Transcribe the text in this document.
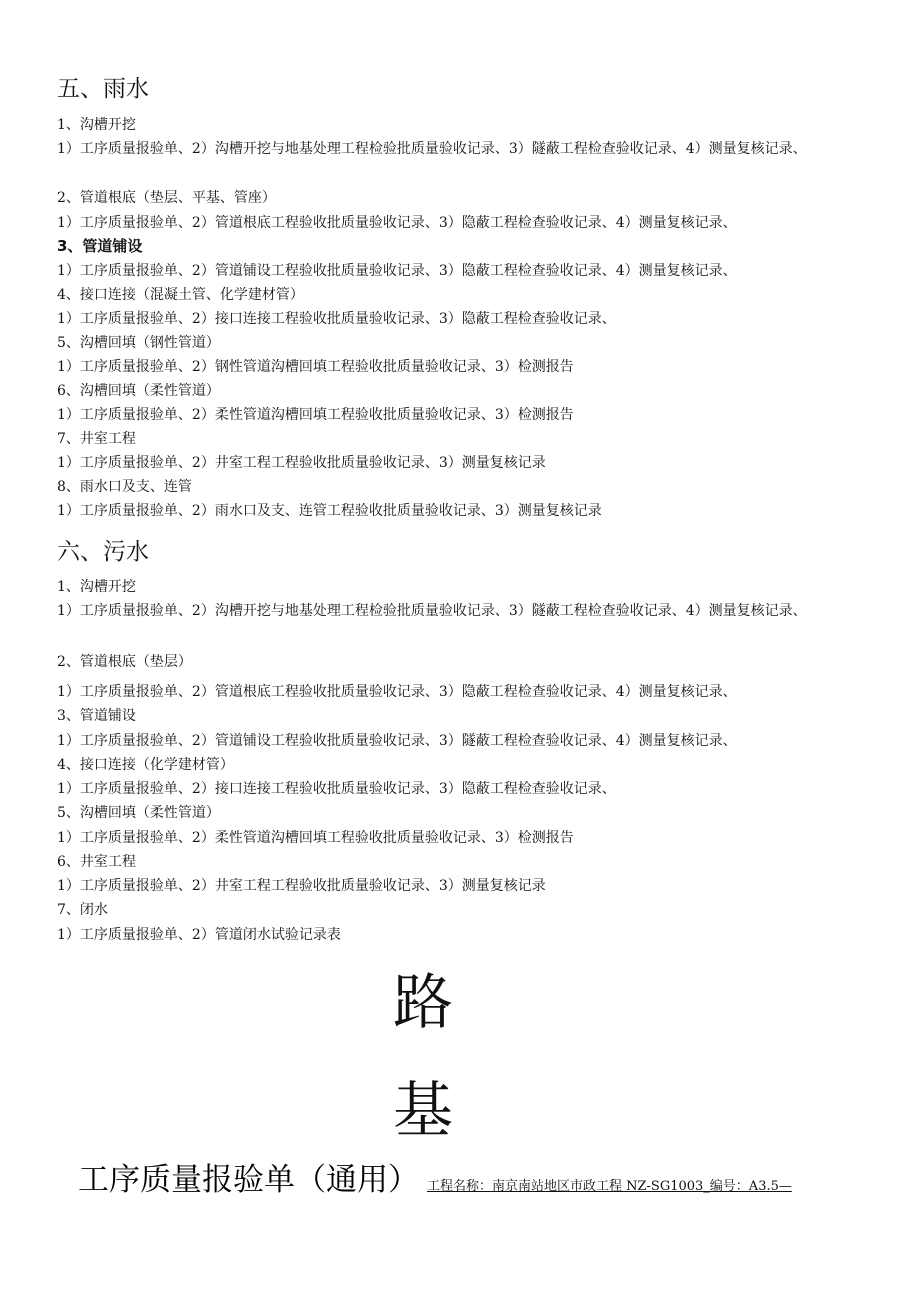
五、雨水

1、沟槽开挖

1）工序质量报验单、2）沟槽开挖与地基处理工程检验批质量验收记录、3）隧蔽工程检查验收记录、4）测量复核记录、

2、管道根底（垫层、平基、管座）

1）工序质量报验单、2）管道根底工程验收批质量验收记录、3）隐蔽工程检查验收记录、4）测量复核记录、

3、管道铺设

1）工序质量报验单、2）管道铺设工程验收批质量验收记录、3）隐蔽工程检查验收记录、4）测量复核记录、

4、接口连接（混凝土管、化学建材管）

1）工序质量报验单、2）接口连接工程验收批质量验收记录、3）隐蔽工程检查验收记录、

5、沟槽回填（钢性管道）

1）工序质量报验单、2）钢性管道沟槽回填工程验收批质量验收记录、3）检测报告

6、沟槽回填（柔性管道）

1）工序质量报验单、2）柔性管道沟槽回填工程验收批质量验收记录、3）检测报告

7、井室工程

1）工序质量报验单、2）井室工程工程验收批质量验收记录、3）测量复核记录

8、雨水口及支、连管

1）工序质量报验单、2）雨水口及支、连管工程验收批质量验收记录、3）测量复核记录

六、污水

1、沟槽开挖

1）工序质量报验单、2）沟槽开挖与地基处理工程检验批质量验收记录、3）隧蔽工程检查验收记录、4）测量复核记录、

2、管道根底（垫层）

1）工序质量报验单、2）管道根底工程验收批质量验收记录、3）隐蔽工程检查验收记录、4）测量复核记录、

3、管道铺设

1）工序质量报验单、2）管道铺设工程验收批质量验收记录、3）隧蔽工程检查验收记录、4）测量复核记录、

4、接口连接（化学建材管）

1）工序质量报验单、2）接口连接工程验收批质量验收记录、3）隐蔽工程检查验收记录、

5、沟槽回填（柔性管道）

1）工序质量报验单、2）柔性管道沟槽回填工程验收批质量验收记录、3）检测报告

6、井室工程

1）工序质量报验单、2）井室工程工程验收批质量验收记录、3）测量复核记录

7、闭水

1）工序质量报验单、2）管道闭水试验记录表

路

基

工序质量报验单（通用） 工程名称：南京南站地区市政工程 NZ-SG1003_编号：A3.5—
